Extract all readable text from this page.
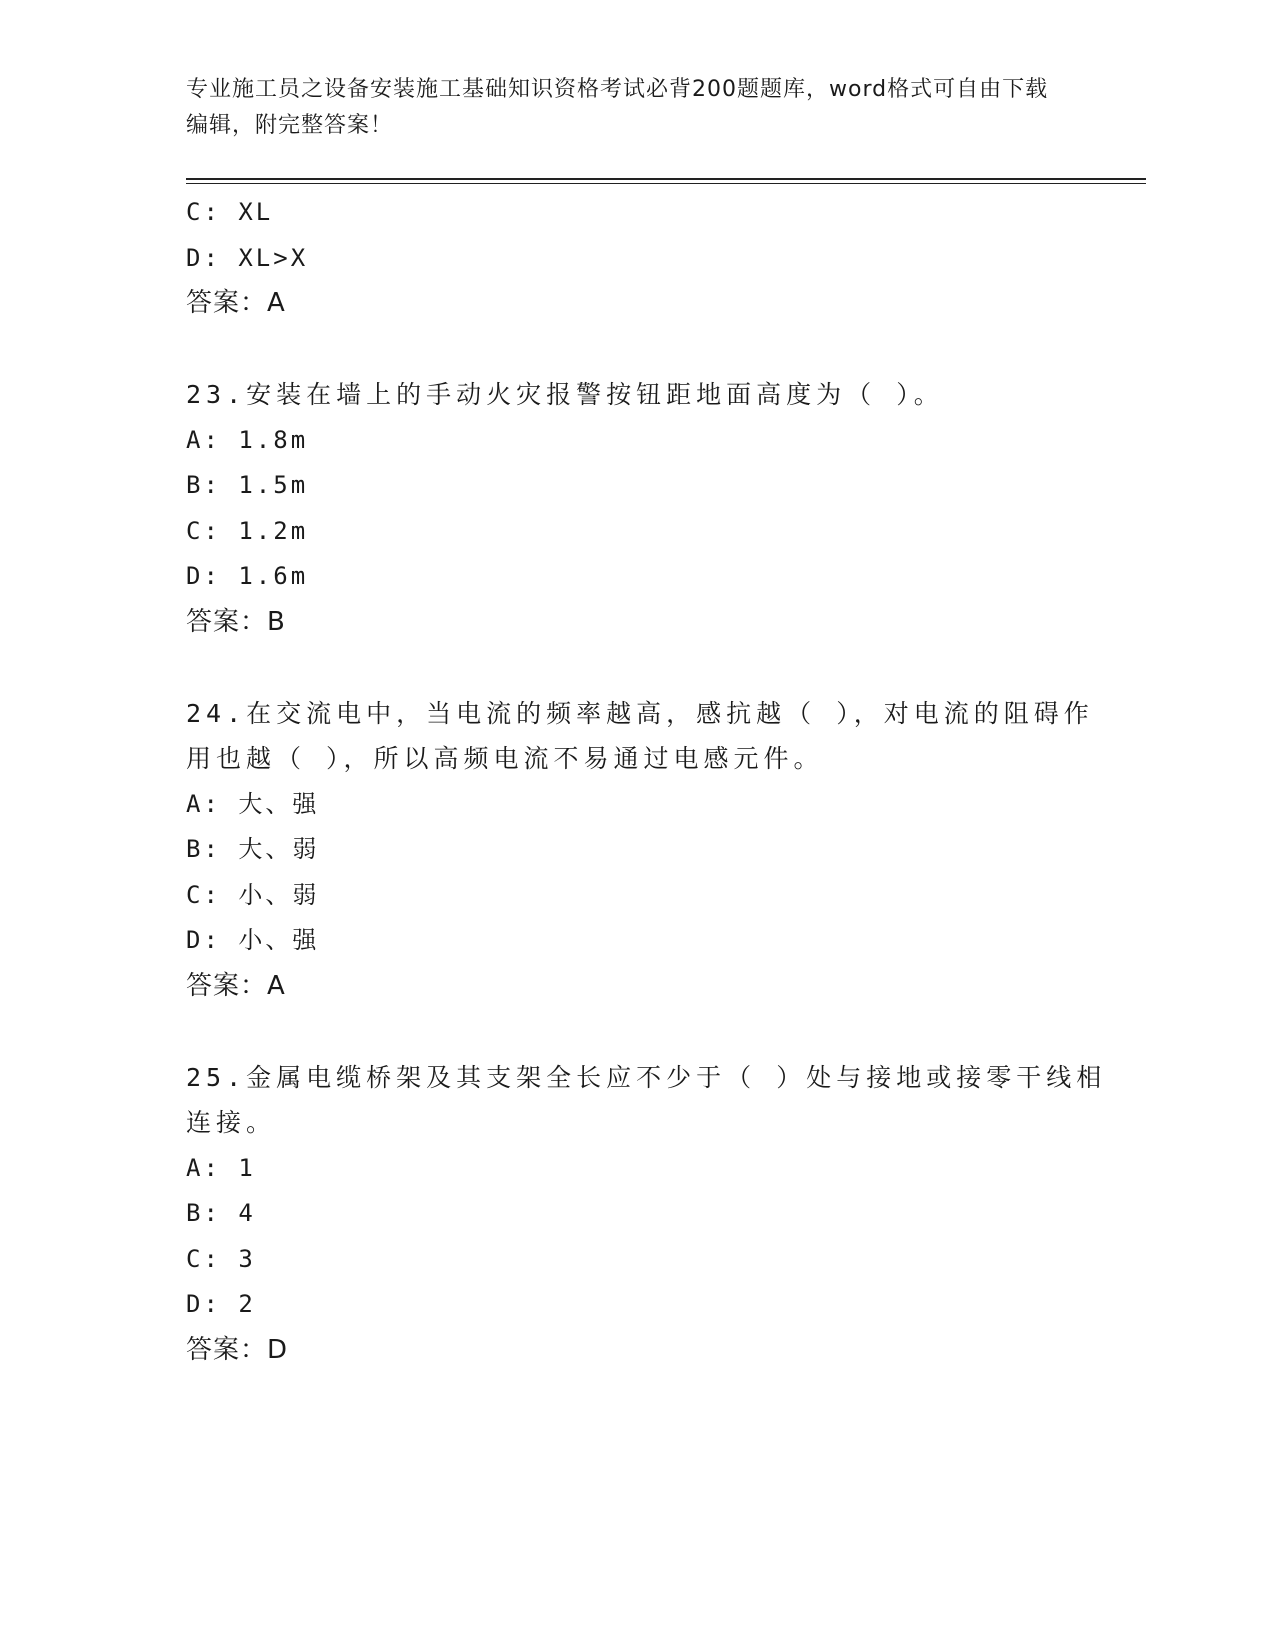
专业施工员之设备安装施工基础知识资格考试必背200题题库，word格式可自由下载编辑，附完整答案！
C: XL
D: XL>X
答案：A
23.安装在墙上的手动火灾报警按钮距地面高度为（ ）。
A: 1.8m
B: 1.5m
C: 1.2m
D: 1.6m
答案：B
24.在交流电中，当电流的频率越高，感抗越（ ），对电流的阻碍作
用也越（ ），所以高频电流不易通过电感元件。
A: 大、强
B: 大、弱
C: 小、弱
D: 小、强
答案：A
25.金属电缆桥架及其支架全长应不少于（ ）处与接地或接零干线相
连接。
A: 1
B: 4
C: 3
D: 2
答案：D
